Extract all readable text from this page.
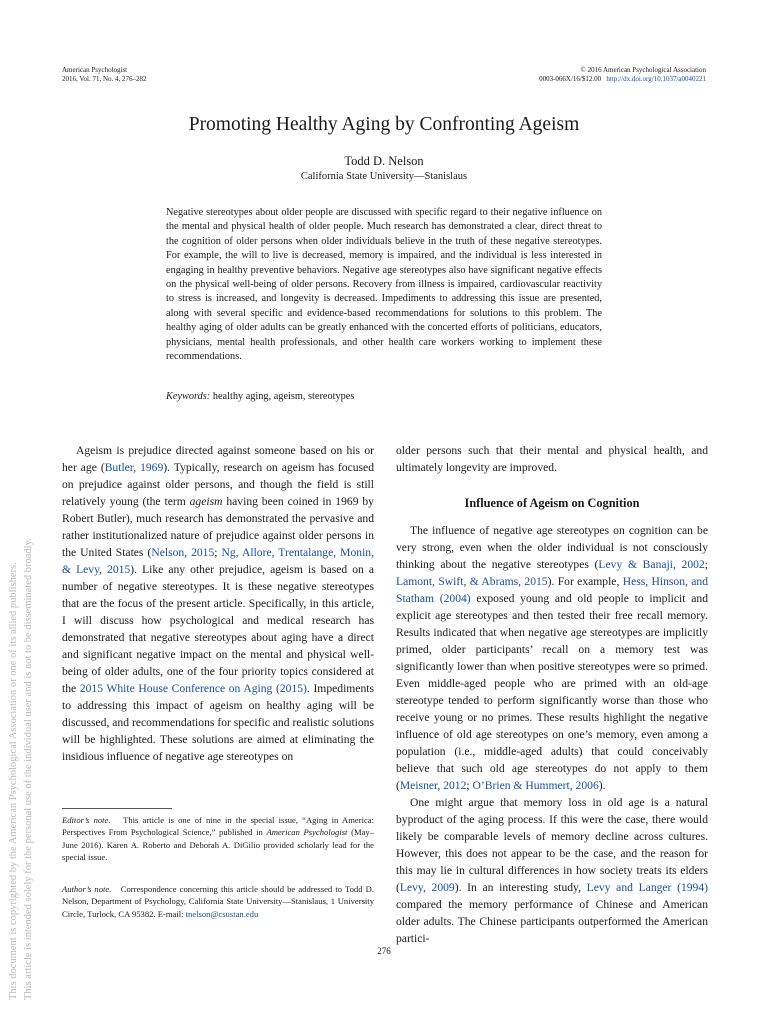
American Psychologist
2016, Vol. 71, No. 4, 276–282
© 2016 American Psychological Association
0003-066X/16/$12.00 http://dx.doi.org/10.1037/a0040221
Promoting Healthy Aging by Confronting Ageism
Todd D. Nelson
California State University—Stanislaus
Negative stereotypes about older people are discussed with specific regard to their negative influence on the mental and physical health of older people. Much research has demonstrated a clear, direct threat to the cognition of older persons when older individuals believe in the truth of these negative stereotypes. For example, the will to live is decreased, memory is impaired, and the individual is less interested in engaging in healthy preventive behaviors. Negative age stereotypes also have significant negative effects on the physical well-being of older persons. Recovery from illness is impaired, cardiovascular reactivity to stress is increased, and longevity is decreased. Impediments to addressing this issue are presented, along with several specific and evidence-based recommendations for solutions to this problem. The healthy aging of older adults can be greatly enhanced with the concerted efforts of politicians, educators, physicians, mental health professionals, and other health care workers working to implement these recommendations.
Keywords: healthy aging, ageism, stereotypes
This document is copyrighted by the American Psychological Association or one of its allied publishers. This article is intended solely for the personal use of the individual user and is not to be disseminated broadly.

Ageism is prejudice directed against someone based on his or her age (Butler, 1969). Typically, research on ageism has focused on prejudice against older persons, and though the field is still relatively young (the term ageism having been coined in 1969 by Robert Butler), much research has demonstrated the pervasive and rather institutionalized nature of prejudice against older persons in the United States (Nelson, 2015; Ng, Allore, Trentalange, Monin, & Levy, 2015). Like any other prejudice, ageism is based on a number of negative stereotypes. It is these negative stereotypes that are the focus of the present article. Specifically, in this article, I will discuss how psychological and medical research has demonstrated that negative stereotypes about aging have a direct and significant negative impact on the mental and physical well-being of older adults, one of the four priority topics considered at the 2015 White House Conference on Aging (2015). Impediments to addressing this impact of ageism on healthy aging will be discussed, and recommendations for specific and realistic solutions will be highlighted. These solutions are aimed at eliminating the insidious influence of negative age stereotypes on

older persons such that their mental and physical health, and ultimately longevity are improved.

Influence of Ageism on Cognition

The influence of negative age stereotypes on cognition can be very strong, even when the older individual is not consciously thinking about the negative stereotypes (Levy & Banaji, 2002; Lamont, Swift, & Abrams, 2015). For example, Hess, Hinson, and Statham (2004) exposed young and old people to implicit and explicit age stereotypes and then tested their free recall memory. Results indicated that when negative age stereotypes are implicitly primed, older participants’ recall on a memory test was significantly lower than when positive stereotypes were so primed. Even middle-aged people who are primed with an old-age stereotype tended to perform significantly worse than those who receive young or no primes. These results highlight the negative influence of old age stereotypes on one’s memory, even among a population (i.e., middle-aged adults) that could conceivably believe that such old age stereotypes do not apply to them (Meisner, 2012; O’Brien & Hummert, 2006).

One might argue that memory loss in old age is a natural byproduct of the aging process. If this were the case, there would likely be comparable levels of memory decline across cultures. However, this does not appear to be the case, and the reason for this may lie in cultural differences in how society treats its elders (Levy, 2009). In an interesting study, Levy and Langer (1994) compared the memory performance of Chinese and American older adults. The Chinese participants outperformed the American partici-

Editor’s note. This article is one of nine in the special issue, “Aging in America: Perspectives From Psychological Science,” published in American Psychologist (May–June 2016). Karen A. Roberto and Deborah A. DiGilio provided scholarly lead for the special issue.
Author’s note. Correspondence concerning this article should be addressed to Todd D. Nelson, Department of Psychology, California State University—Stanislaus, 1 University Circle, Turlock, CA 95382. E-mail: tnelson@csustan.edu
276
